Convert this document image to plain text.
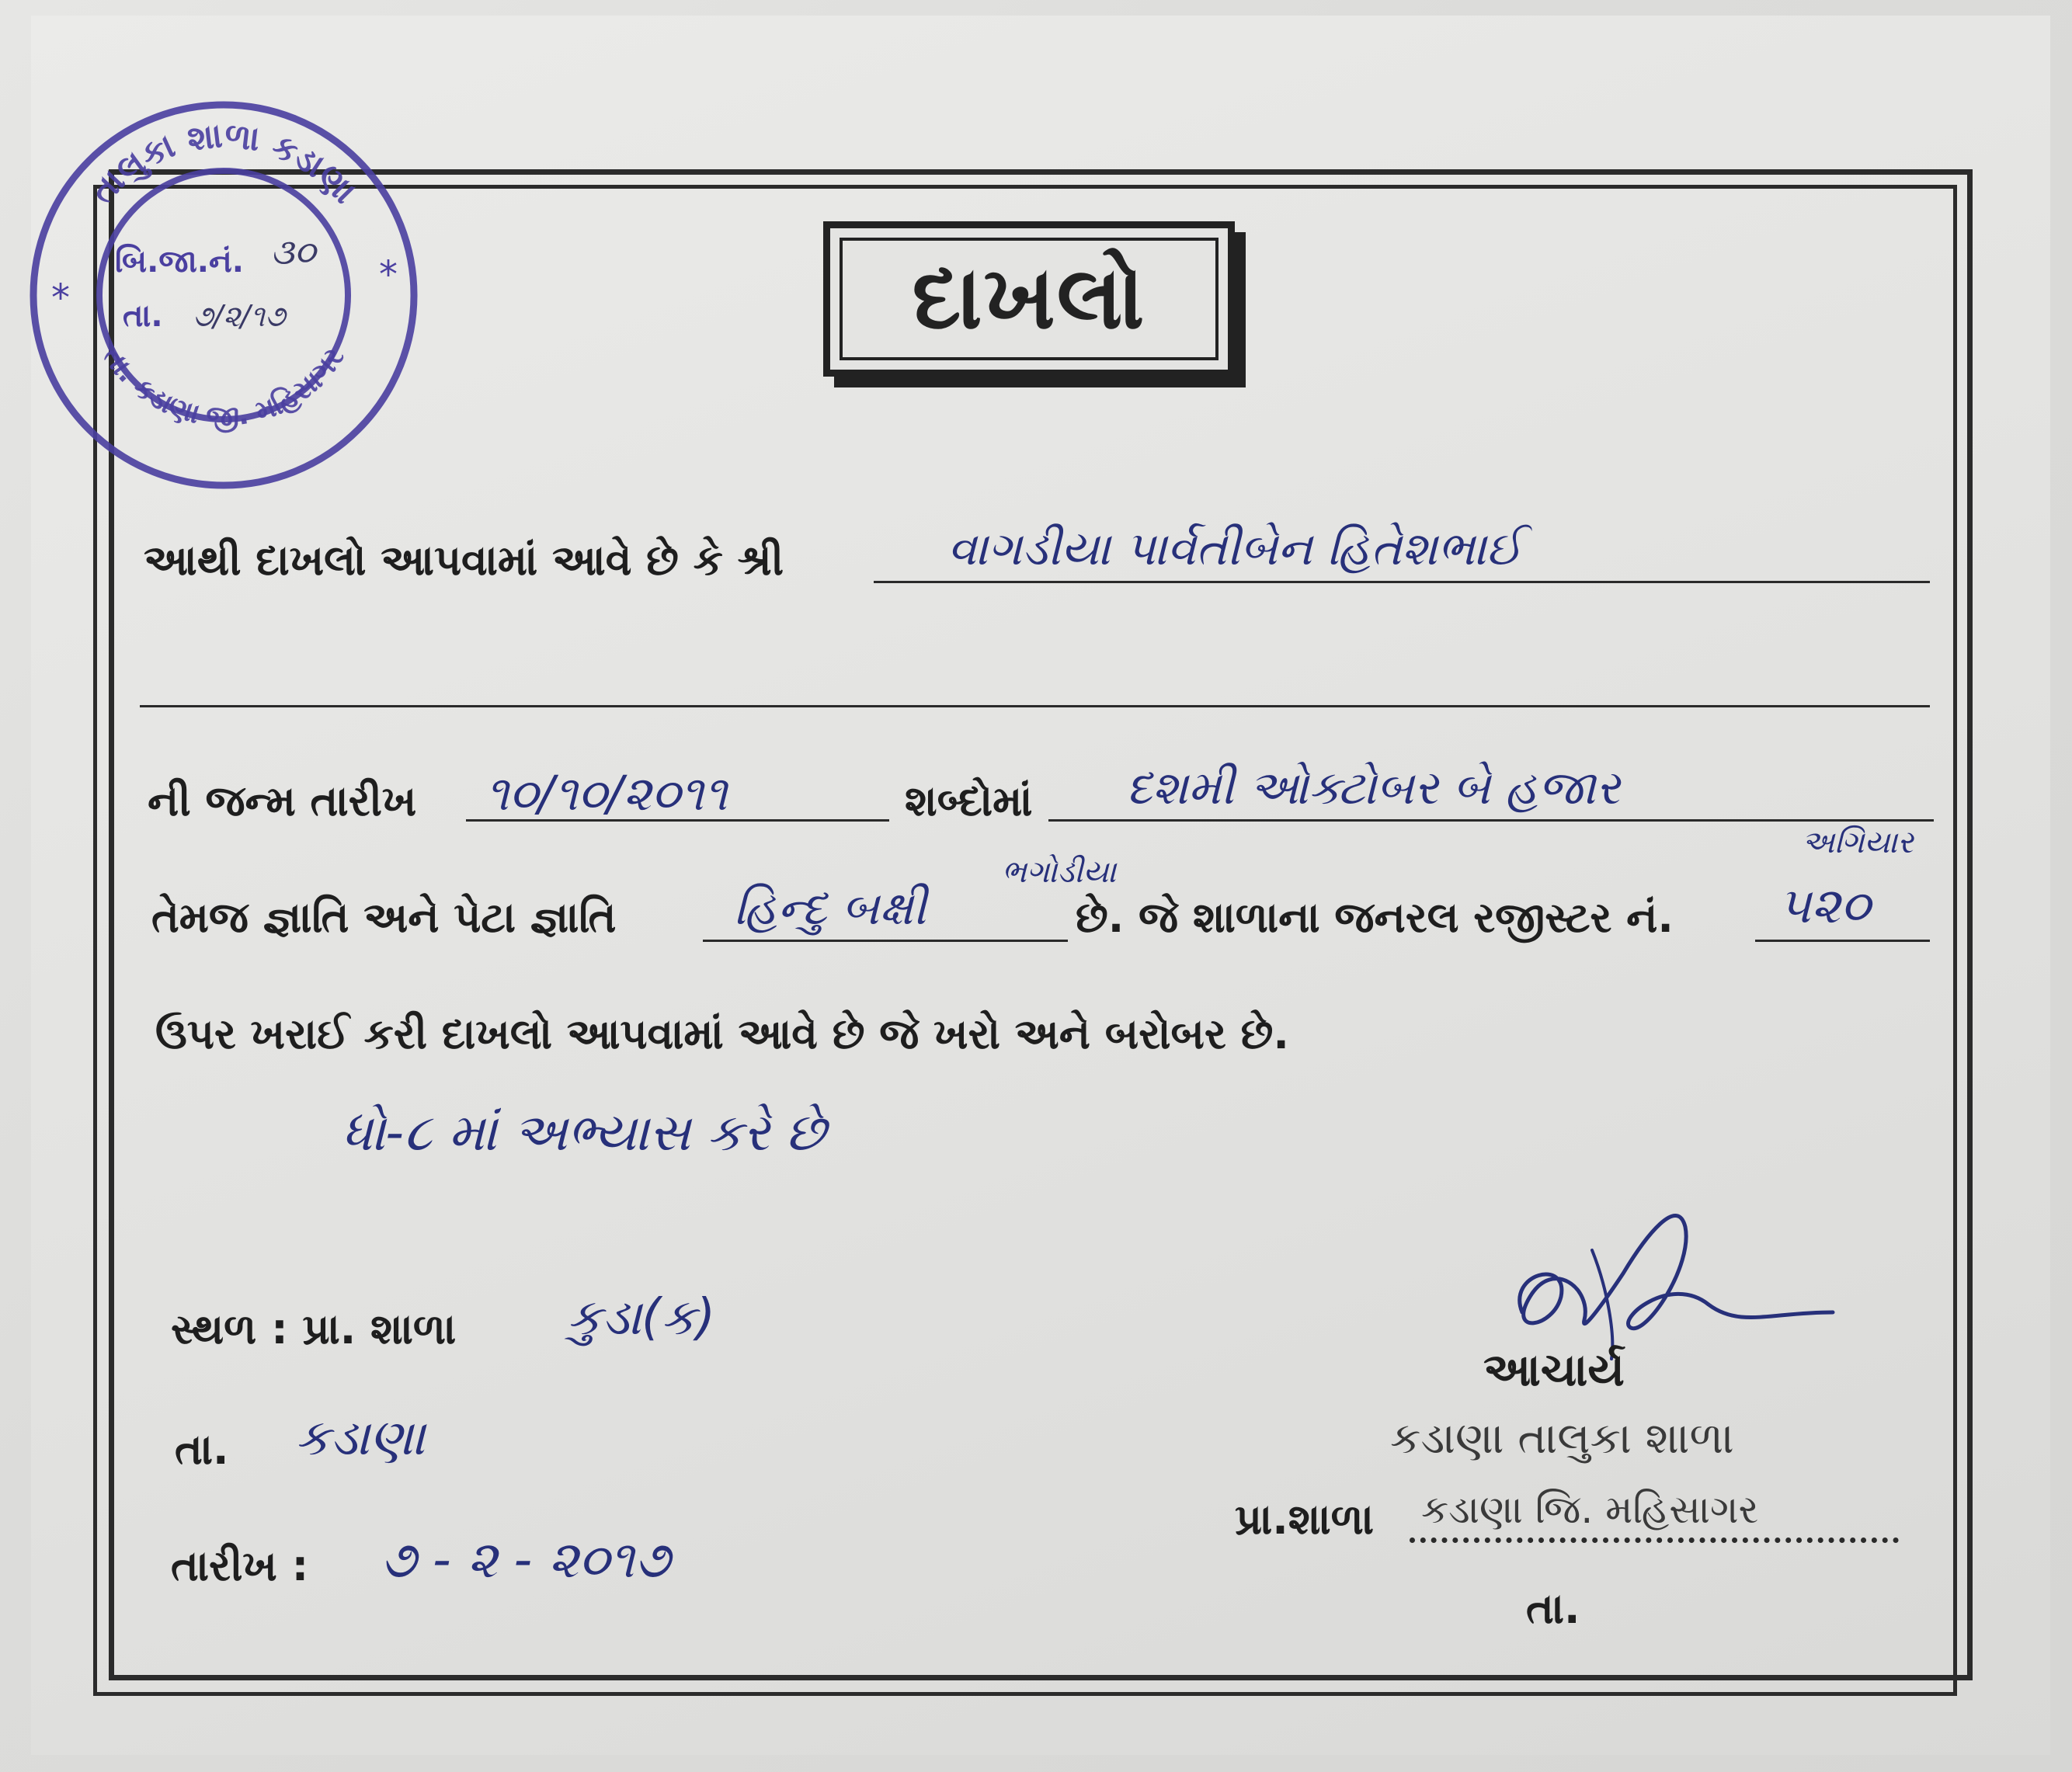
તાલુકા શાળા કડાણા
તા. કડાણા જી. મહિસાગર
*
*
બિ.જા.નં. ૩૦
તા. ૭/૨/૧૭	દાખલો
આથી દાખલો આપવામાં આવે છે કે શ્રી	વાગડીયા પાર્વતીબેન હિતેશભાઈ
ની જન્મ તારીખ ૧૦/૧૦/૨૦૧૧	શબ્દોમાં દશમી ઓક્ટોબર બે હજાર
અગિયાર
તેમજ જ્ઞાતિ અને પેટા જ્ઞાતિ	હિન્દુ બક્ષી
ભગોડીયા
છે. જે શાળાના જનરલ રજીસ્ટર નં. ૫૨૦
ઉપર ખરાઈ કરી દાખલો આપવામાં આવે છે જે ખરો અને બરોબર છે.
ધો-૮ માં અભ્યાસ કરે છે
સ્થળ : પ્રા. શાળા કુડા(ક)
તા. કડાણા
તારીખ : ૭ - ૨ - ૨૦૧૭
આચાર્ય
કડાણા તાલુકા શાળા
પ્રા.શાળા કડાણા જિ. મહિસાગર
તા.
